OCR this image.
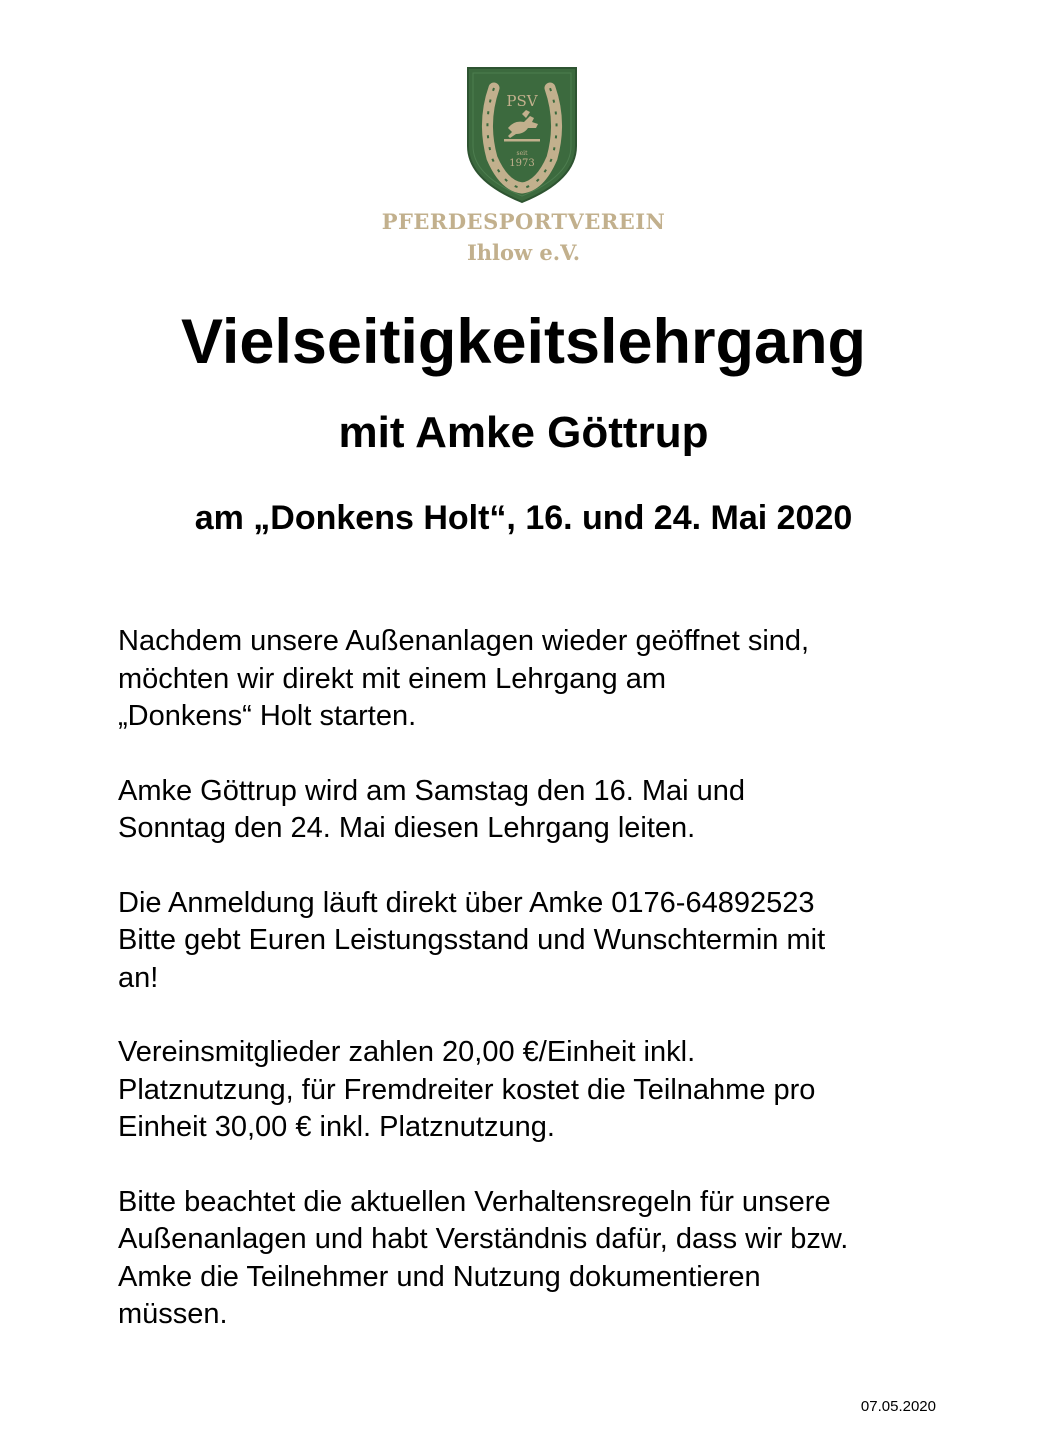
PSV
seit
1973
PFERDESPORTVEREIN
Ihlow e.V.
Vielseitigkeitslehrgang
mit Amke Göttrup
am „Donkens Holt“, 16. und 24. Mai 2020

Nachdem unsere Außenanlagen wieder geöffnet sind,
möchten wir direkt mit einem Lehrgang am
„Donkens“ Holt starten.

Amke Göttrup wird am Samstag den 16. Mai und
Sonntag den 24. Mai diesen Lehrgang leiten.

Die Anmeldung läuft direkt über Amke 0176-64892523
Bitte gebt Euren Leistungsstand und Wunschtermin mit
an!

Vereinsmitglieder zahlen 20,00 €/Einheit inkl.
Platznutzung, für Fremdreiter kostet die Teilnahme pro
Einheit 30,00 € inkl. Platznutzung.

Bitte beachtet die aktuellen Verhaltensregeln für unsere
Außenanlagen und habt Verständnis dafür, dass wir bzw.
Amke die Teilnehmer und Nutzung dokumentieren
müssen.

07.05.2020
